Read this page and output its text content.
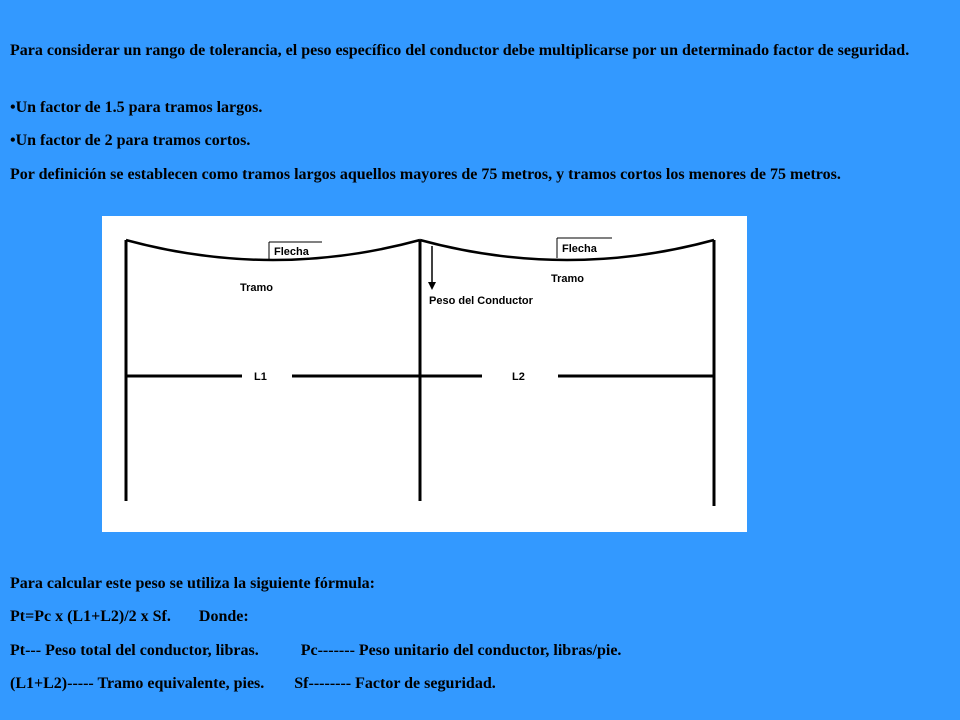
Para considerar un rango de tolerancia, el peso específico del conductor debe multiplicarse por un determinado factor de seguridad.

•Un factor de 1.5 para tramos largos.

•Un factor de 2 para tramos cortos.

Por definición se establecen como tramos largos aquellos mayores de 75 metros, y tramos cortos los menores de 75 metros.

Flecha	Flecha
Tramo
Tramo
Peso del Conductor
L1	L2

Para calcular este peso se utiliza la siguiente fórmula:

Pt=Pc x (L1+L2)/2 x Sf. Donde:

Pt--- Peso total del conductor, libras.	Pc------- Peso unitario del conductor, libras/pie.

(L1+L2)----- Tramo equivalente, pies. Sf-------- Factor de seguridad.
